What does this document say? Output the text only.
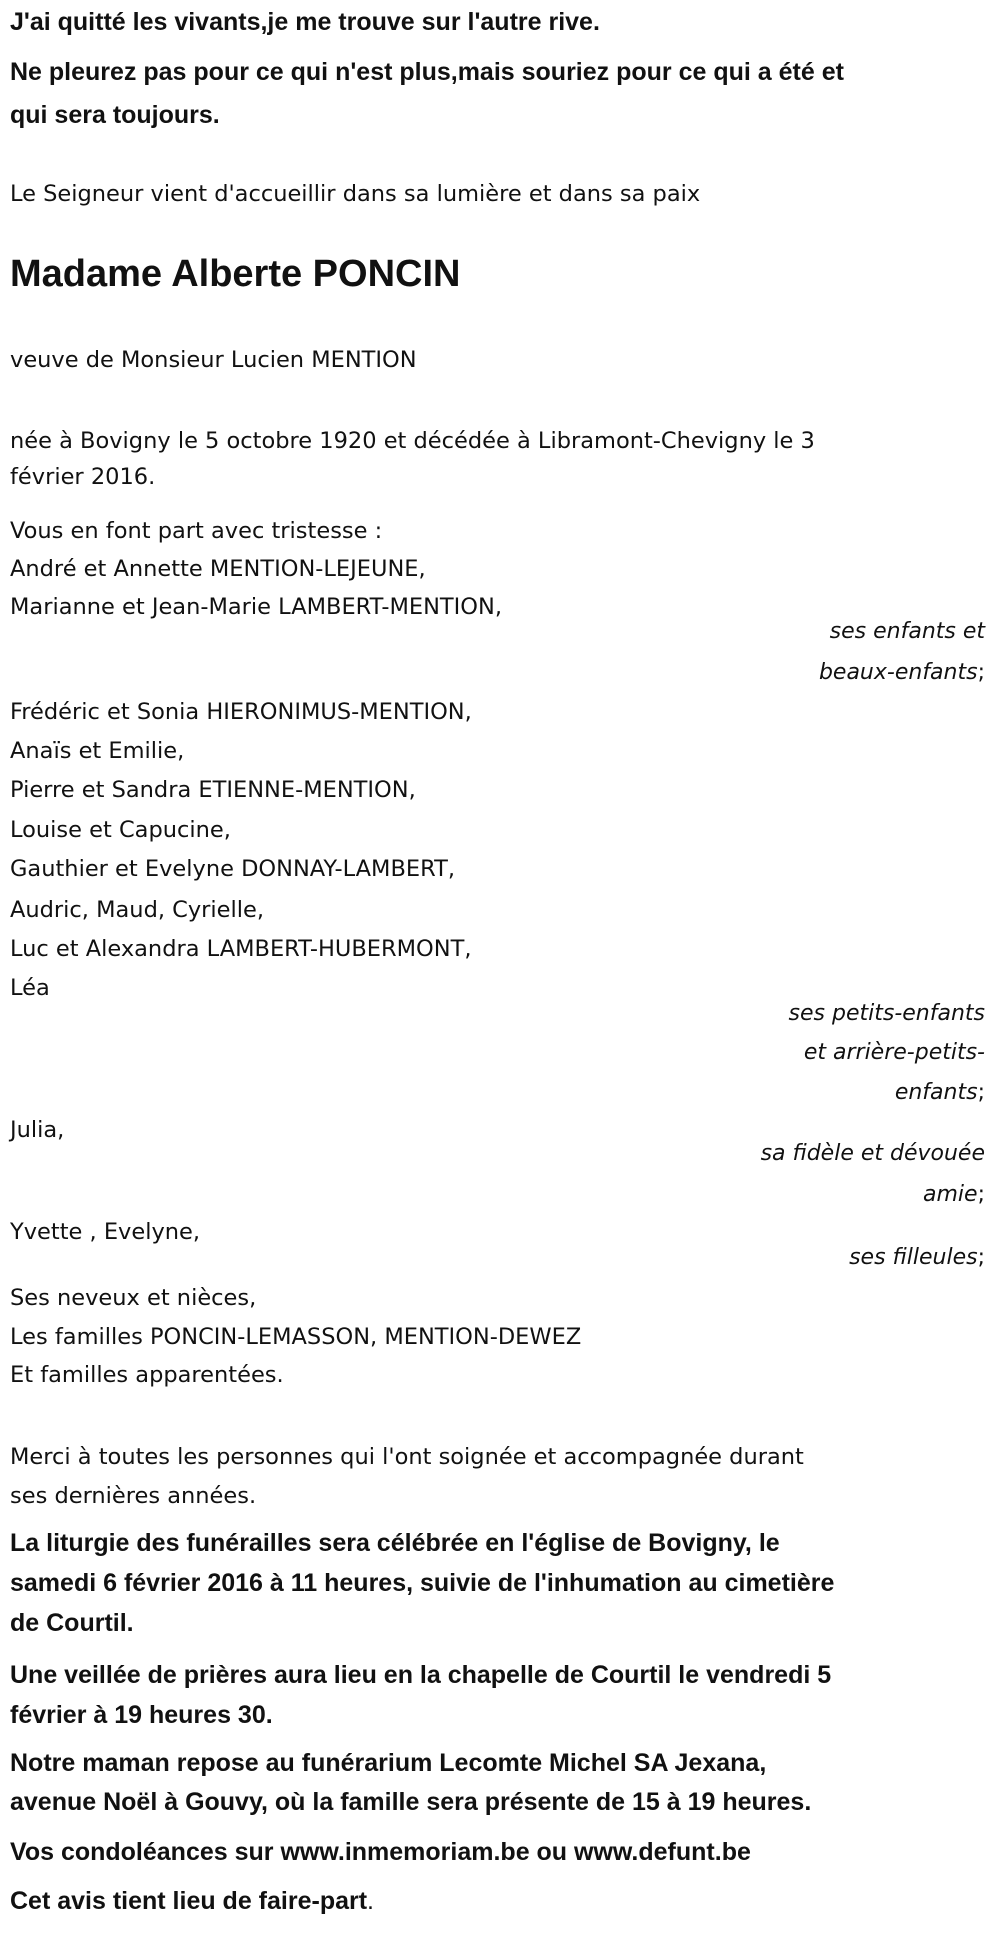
J'ai quitté les vivants,je me trouve sur l'autre rive.
Ne pleurez pas pour ce qui n'est plus,mais souriez pour ce qui a été et
qui sera toujours.
Le Seigneur vient d'accueillir dans sa lumière et dans sa paix
Madame Alberte PONCIN
veuve de Monsieur Lucien MENTION
née à Bovigny le 5 octobre 1920 et décédée à Libramont-Chevigny le 3
février 2016.
Vous en font part avec tristesse :
André et Annette MENTION-LEJEUNE,
Marianne et Jean-Marie LAMBERT-MENTION,
ses enfants et
beaux-enfants;
Frédéric et Sonia HIERONIMUS-MENTION,
Anaïs et Emilie,
Pierre et Sandra ETIENNE-MENTION,
Louise et Capucine,
Gauthier et Evelyne DONNAY-LAMBERT,
Audric, Maud, Cyrielle,
Luc et Alexandra LAMBERT-HUBERMONT,
Léa
ses petits-enfants
et arrière-petits-
enfants;
Julia,
sa fidèle et dévouée
amie;
Yvette , Evelyne,
ses filleules;
Ses neveux et nièces,
Les familles PONCIN-LEMASSON, MENTION-DEWEZ
Et familles apparentées.
Merci à toutes les personnes qui l'ont soignée et accompagnée durant
ses dernières années.
La liturgie des funérailles sera célébrée en l'église de Bovigny, le
samedi 6 février 2016 à 11 heures, suivie de l'inhumation au cimetière
de Courtil.
Une veillée de prières aura lieu en la chapelle de Courtil le vendredi 5
février à 19 heures 30.
Notre maman repose au funérarium Lecomte Michel SA Jexana,
avenue Noël à Gouvy, où la famille sera présente de 15 à 19 heures.
Vos condoléances sur www.inmemoriam.be ou www.defunt.be
Cet avis tient lieu de faire-part.
